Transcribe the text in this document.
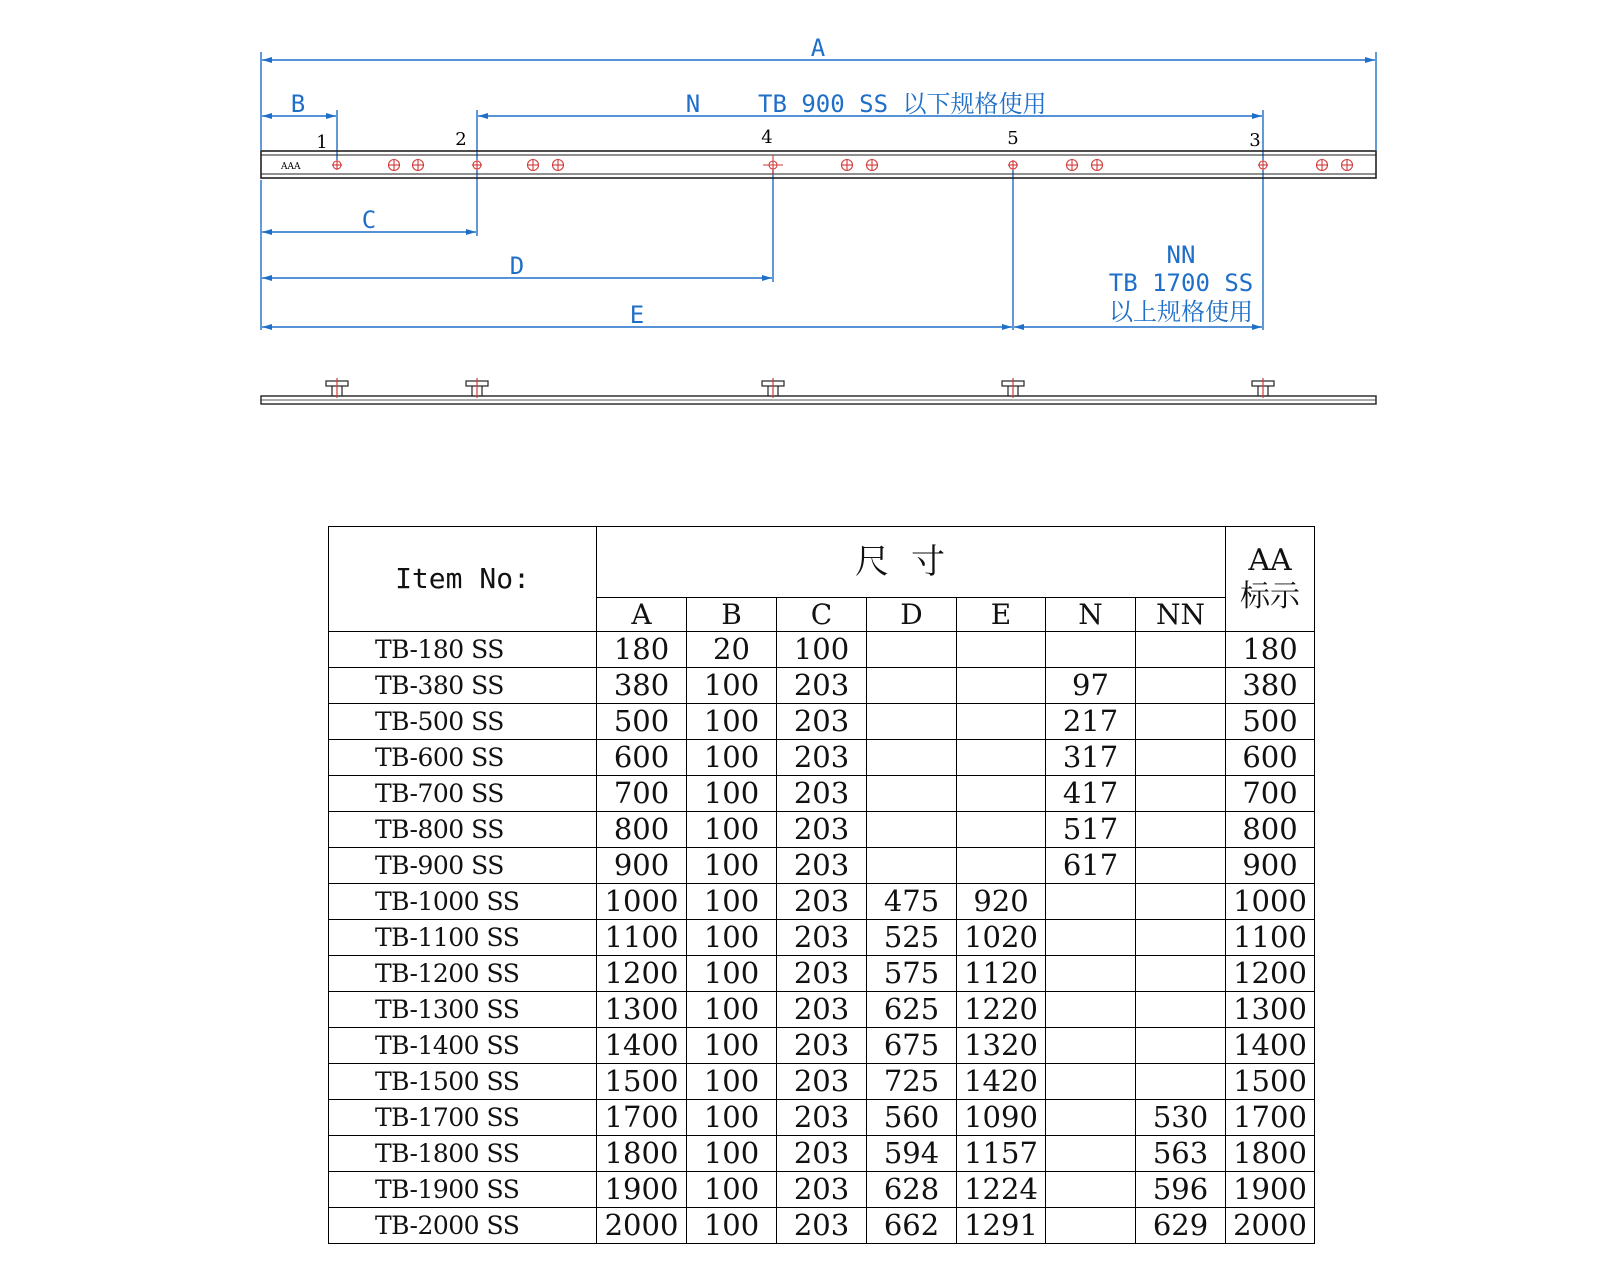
A
B	N TB 900 SS 以下规格使用
C
D
E
NN
TB 1700 SS
以上规格使用
AAA
1	2	4	5	3
Item No:	尺寸							AA
标示
	A	B	C	D	E	N	NN	
TB-180 SS	180	20	100					180
TB-380 SS	380	100	203			97		380
TB-500 SS	500	100	203			217		500
TB-600 SS	600	100	203			317		600
TB-700 SS	700	100	203			417		700
TB-800 SS	800	100	203			517		800
TB-900 SS	900	100	203			617		900
TB-1000 SS	1000	100	203	475	920			1000
TB-1100 SS	1100	100	203	525	1020			1100
TB-1200 SS	1200	100	203	575	1120			1200
TB-1300 SS	1300	100	203	625	1220			1300
TB-1400 SS	1400	100	203	675	1320			1400
TB-1500 SS	1500	100	203	725	1420			1500
TB-1700 SS	1700	100	203	560	1090		530	1700
TB-1800 SS	1800	100	203	594	1157		563	1800
TB-1900 SS	1900	100	203	628	1224		596	1900
TB-2000 SS	2000	100	203	662	1291		629	2000
